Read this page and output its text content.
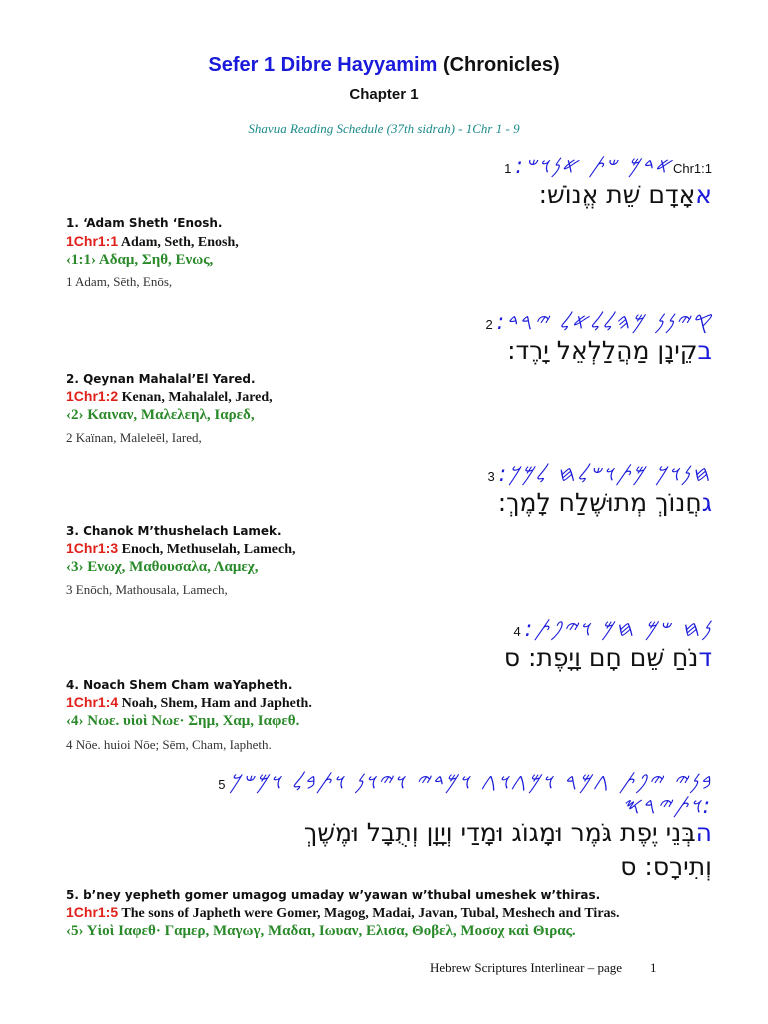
Sefer 1 Dibre Hayyamim (Chronicles)
Chapter 1
Shavua Reading Schedule (37th sidrah) - 1Chr 1 - 9
𐤀𐤃𐤌 𐤔𐤕 𐤀𐤍𐤅𐤔: 1Chr1:1
אאָדָם שֵׁת אֱנוֹשׁ:
1. ‘Adam Sheth ‘Enosh.
1Chr1:1 Adam, Seth, Enosh,
‹1:1› Αδαμ, Σηθ, Ενως,
1 Adam, Sēth, Enōs,
𐤒𐤉𐤍𐤍 𐤌𐤄𐤋𐤋𐤀𐤋 𐤉𐤓𐤃: 2
בקֵינָן מַהֲלַלְאֵל יָרֶד:
2. Qeynan Mahalal’El Yared.
1Chr1:2 Kenan, Mahalalel, Jared,
‹2› Καιναν, Μαλελεηλ, Ιαρεδ,
2 Kaïnan, Maleleēl, Iared,
𐤇𐤍𐤅𐤊 𐤌𐤕𐤅𐤔𐤋𐤇 𐤋𐤌𐤊: 3
גחֲנוֹךְ מְתוּשֶׁלַח לָמֶךְ:
3. Chanok M’thushelach Lamek.
1Chr1:3 Enoch, Methuselah, Lamech,
‹3› Ενωχ, Μαθουσαλα, Λαμεχ,
3 Enōch, Mathousala, Lamech,
𐤍𐤇 𐤔𐤌 𐤇𐤌 𐤅𐤉𐤐𐤕: 4
דנֹחַ שֵׁם חָם וָיָפֶת: ס
4. Noach Shem Cham waYapheth.
1Chr1:4 Noah, Shem, Ham and Japheth.
‹4› Νωε. υἱοὶ Νωε· Σημ, Χαμ, Ιαφεθ.
4 Nōe. huioi Nōe; Sēm, Cham, Iapheth.
𐤁𐤍𐤉 𐤉𐤐𐤕 𐤂𐤌𐤓 𐤅𐤌𐤂𐤅𐤂 𐤅𐤌𐤃𐤉 𐤅𐤉𐤅𐤍 𐤅𐤕𐤁𐤋 𐤅𐤌𐤔𐤊 5
𐤅𐤕𐤉𐤓𐤎:
הבְּנֵי יֶפֶת גֹּמֶר וּמָגוֹג וּמָדַי וְיָוָן וְתֻבָל וּמֶשֶׁךְ
וְתִירָס: ס
5. b’ney yepheth gomer umagog umaday w’yawan w’thubal umeshek w’thiras.
1Chr1:5 The sons of Japheth were Gomer, Magog, Madai, Javan, Tubal, Meshech and Tiras.
‹5› Υἱοὶ Ιαφεθ· Γαμερ, Μαγωγ, Μαδαι, Ιωυαν, Ελισα, Θοβελ, Μοσοχ καὶ Θιρας.
Hebrew Scriptures Interlinear – page 1
